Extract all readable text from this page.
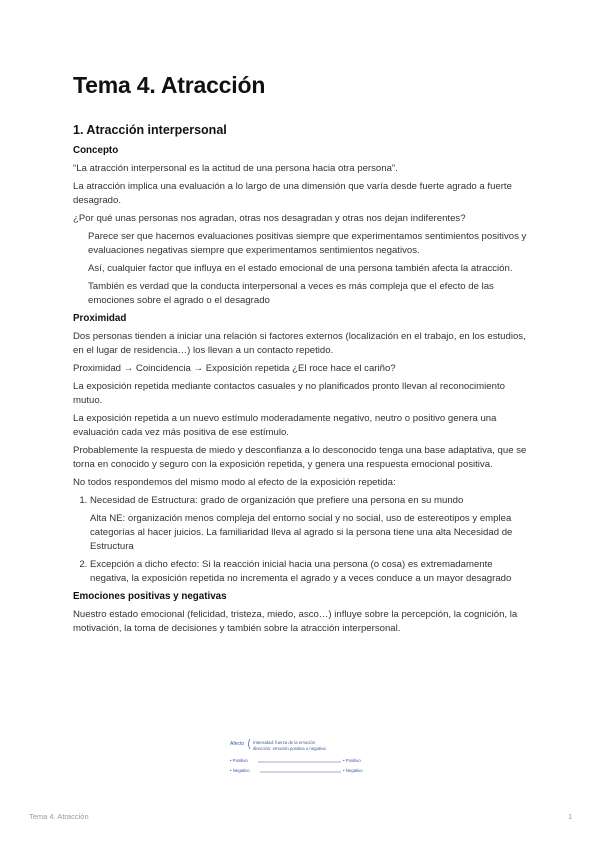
Tema 4. Atracción
1. Atracción interpersonal
Concepto

“La atracción interpersonal es la actitud de una persona hacia otra persona”.

La atracción implica una evaluación a lo largo de una dimensión que varía desde fuerte agrado a fuerte desagrado.

¿Por qué unas personas nos agradan, otras nos desagradan y otras nos dejan indiferentes?

Parece ser que hacemos evaluaciones positivas siempre que experimentamos sentimientos positivos y evaluaciones negativas siempre que experimentamos sentimientos negativos.

Así, cualquier factor que influya en el estado emocional de una persona también afecta la atracción.

También es verdad que la conducta interpersonal a veces es más compleja que el efecto de las emociones sobre el agrado o el desagrado

Proximidad

Dos personas tienden a iniciar una relación si factores externos (localización en el trabajo, en los estudios, en el lugar de residencia…) los llevan a un contacto repetido.

Proximidad → Coincidencia → Exposición repetida ¿El roce hace el cariño?

La exposición repetida mediante contactos casuales y no planificados pronto llevan al reconocimiento mutuo.

La exposición repetida a un nuevo estímulo moderadamente negativo, neutro o positivo genera una evaluación cada vez más positiva de ese estímulo.

Probablemente la respuesta de miedo y desconfianza a lo desconocido tenga una base adaptativa, que se torna en conocido y seguro con la exposición repetida, y genera una respuesta emocional positiva.

No todos respondemos del mismo modo al efecto de la exposición repetida:

1. Necesidad de Estructura: grado de organización que prefiere una persona en su mundo

Alta NE: organización menos compleja del entorno social y no social, uso de estereotipos y emplea categorías al hacer juicios. La familiaridad lleva al agrado si la persona tiene una alta Necesidad de Estructura

2. Excepción a dicho efecto: Si la reacción inicial hacia una persona (o cosa) es extremadamente negativa, la exposición repetida no incrementa el agrado y a veces conduce a un mayor desagrado
Emociones positivas y negativas

Nuestro estado emocional (felicidad, tristeza, miedo, asco…) influye sobre la percepción, la cognición, la motivación, la toma de decisiones y también sobre la atracción interpersonal.

Afecto Intensidad: fuerza de la emoción
dirección: emoción positiva o negativa
• Positivo	• Positivo
• Negativo	• Negativo
Tema 4. Atracción	1
